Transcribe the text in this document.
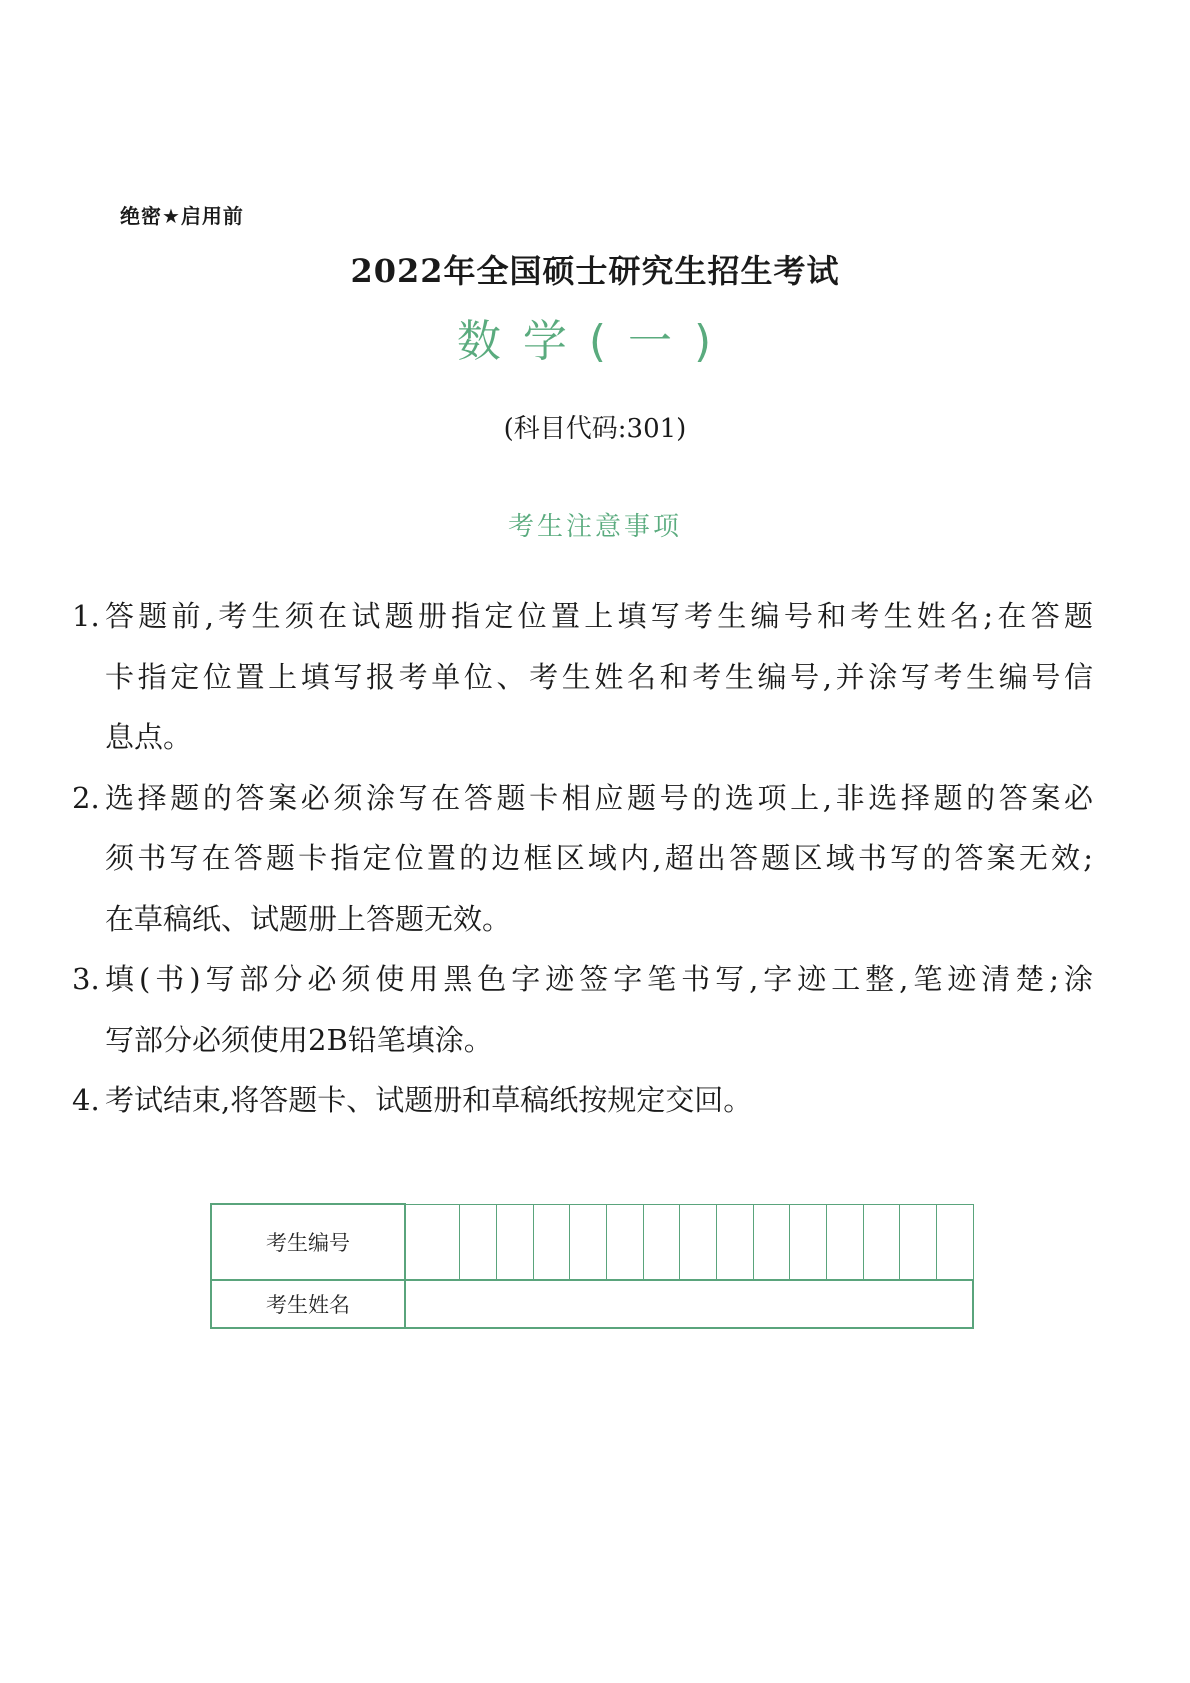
绝密★启用前
2022年全国硕士研究生招生考试
数学(一)
(科目代码:301)
考生注意事项
1. 答题前,考生须在试题册指定位置上填写考生编号和考生姓名;在答题
卡指定位置上填写报考单位、考生姓名和考生编号,并涂写考生编号信
息点。
2. 选择题的答案必须涂写在答题卡相应题号的选项上,非选择题的答案必
须书写在答题卡指定位置的边框区域内,超出答题区域书写的答案无效;
在草稿纸、试题册上答题无效。
3. 填(书)写部分必须使用黑色字迹签字笔书写,字迹工整,笔迹清楚;涂
写部分必须使用2B铅笔填涂。
4. 考试结束,将答题卡、试题册和草稿纸按规定交回。
考生编号															
考生姓名															
